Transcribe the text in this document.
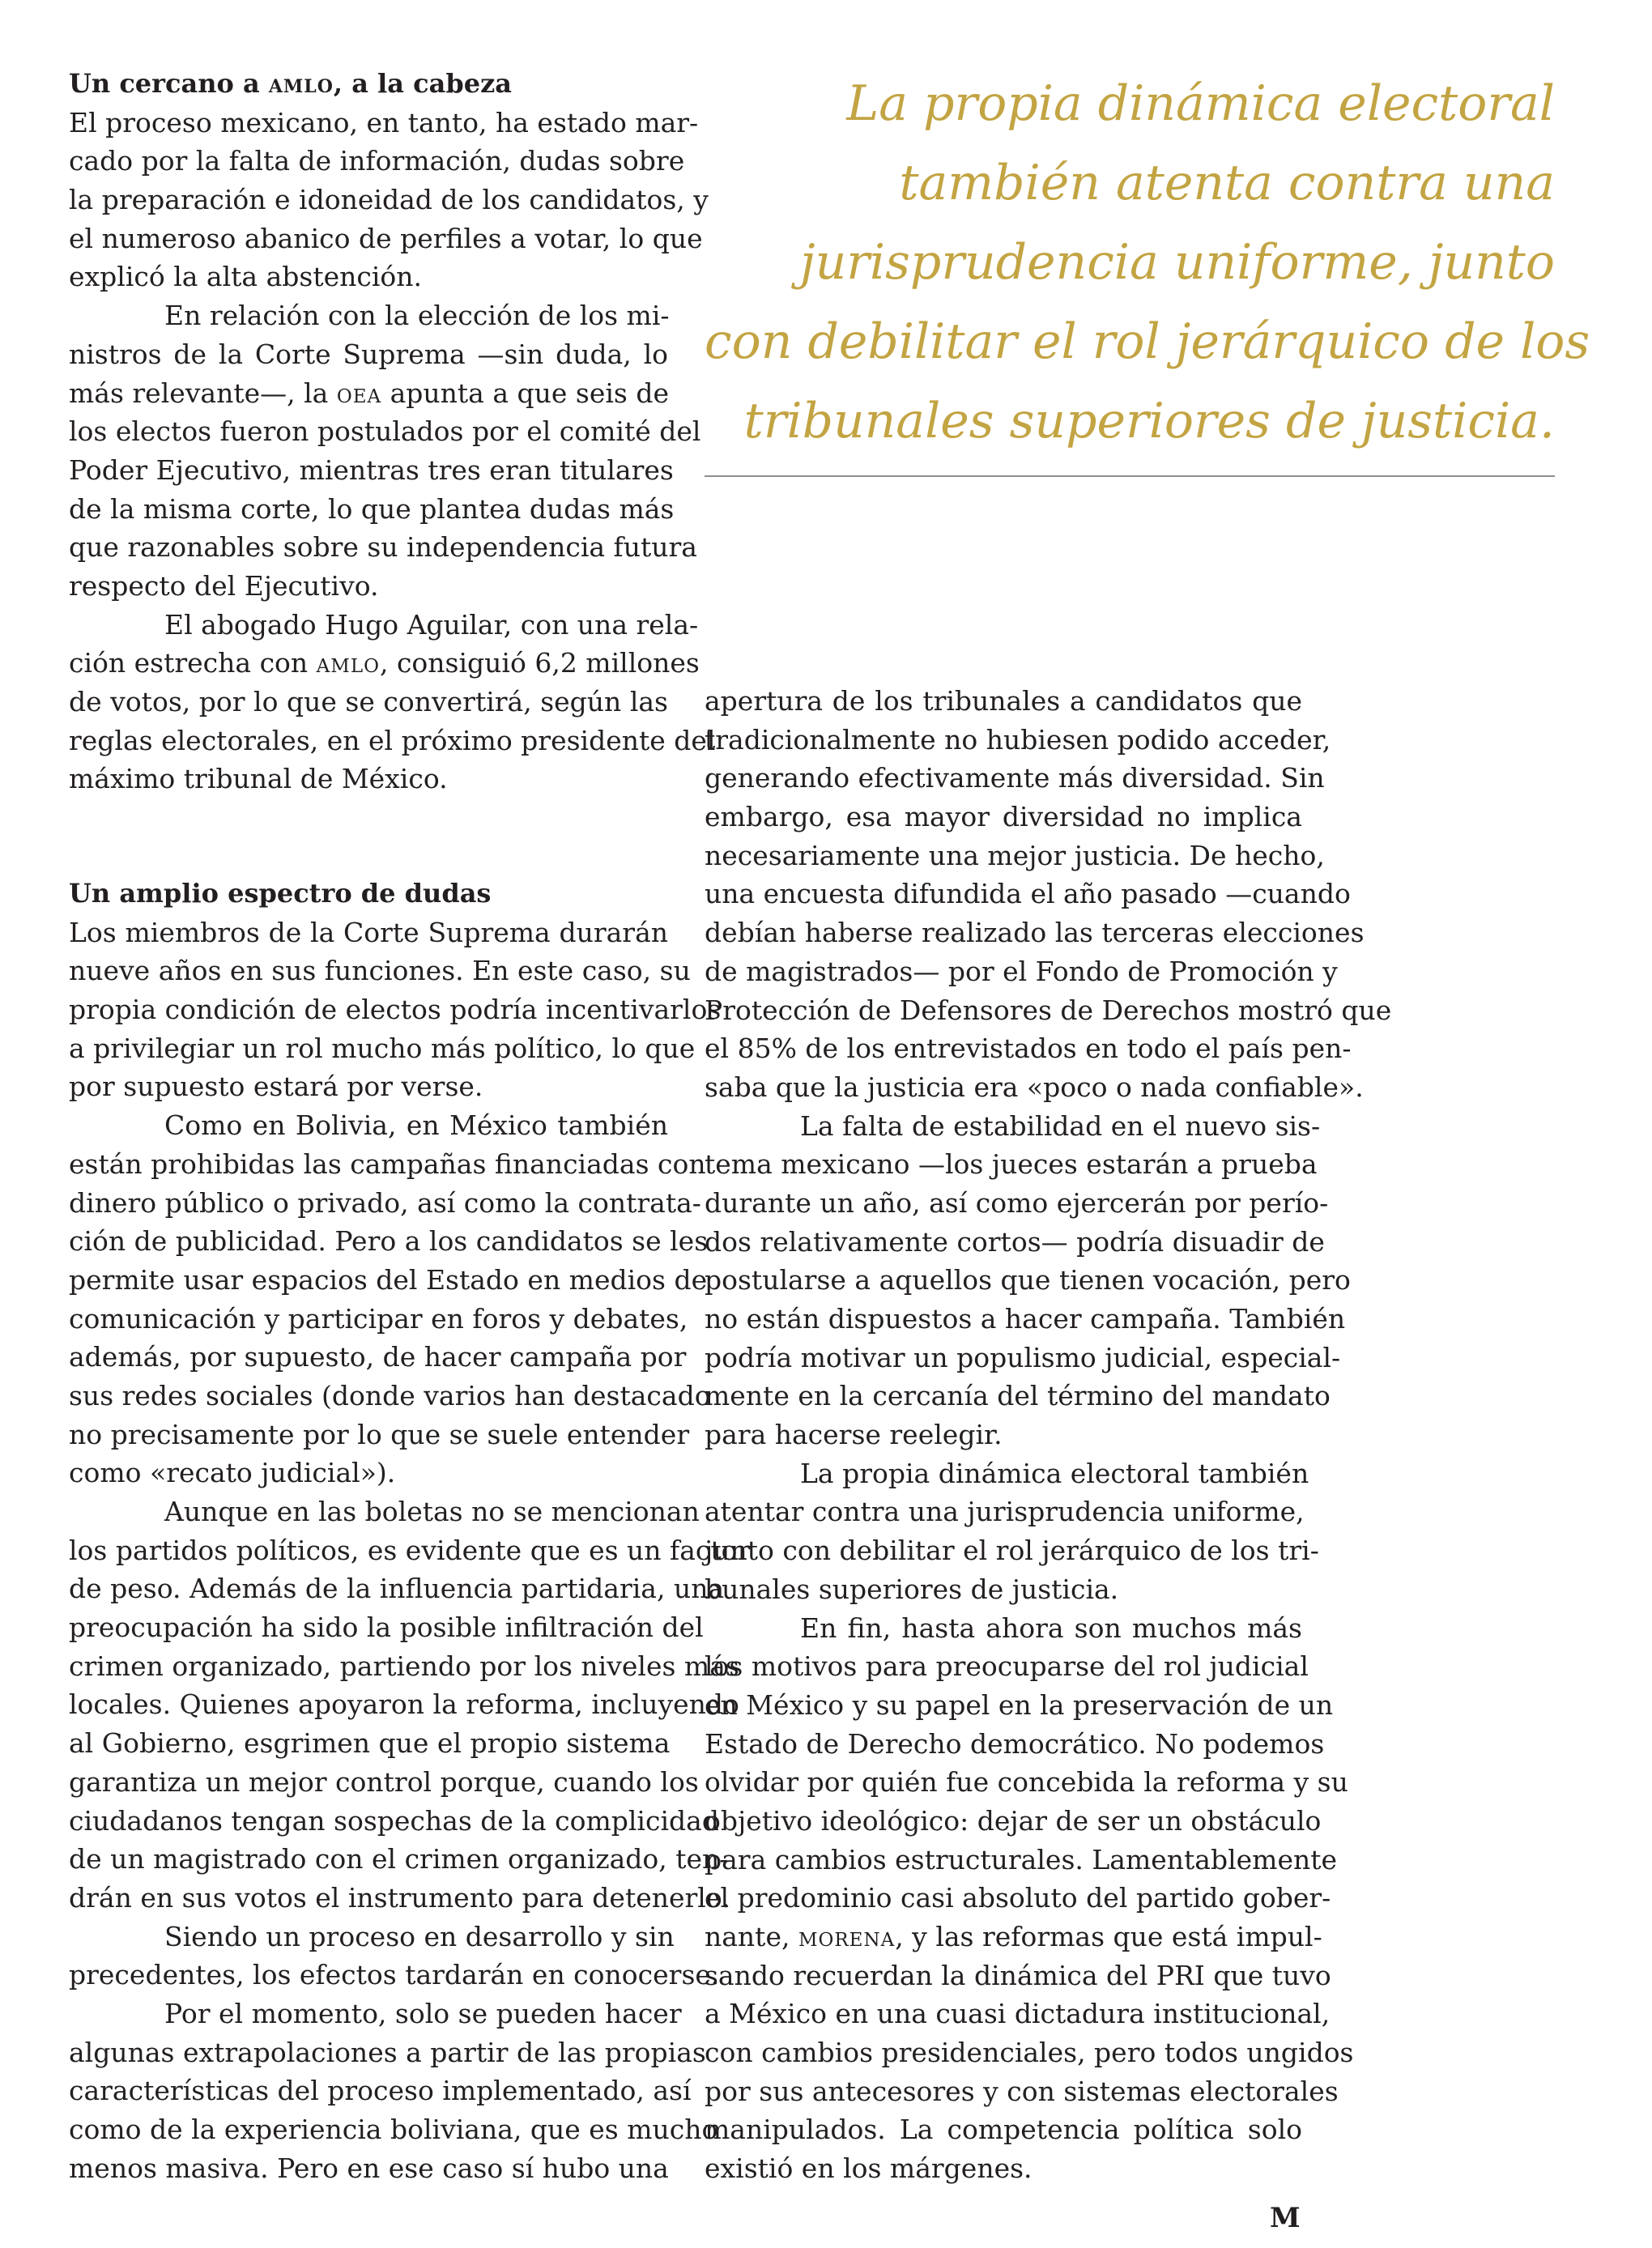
Un cercano a amlo, a la cabeza

El proceso mexicano, en tanto, ha estado mar-
cado por la falta de información, dudas sobre
la preparación e idoneidad de los candidatos, y
el numeroso abanico de perfiles a votar, lo que
explicó la alta abstención.

En relación con la elección de los mi-
nistros de la Corte Suprema —sin duda, lo
más relevante—, la oea apunta a que seis de
los electos fueron postulados por el comité del
Poder Ejecutivo, mientras tres eran titulares
de la misma corte, lo que plantea dudas más
que razonables sobre su independencia futura
respecto del Ejecutivo.

El abogado Hugo Aguilar, con una rela-
ción estrecha con amlo, consiguió 6,2 millones
de votos, por lo que se convertirá, según las
reglas electorales, en el próximo presidente del
máximo tribunal de México.

Un amplio espectro de dudas

Los miembros de la Corte Suprema durarán
nueve años en sus funciones. En este caso, su
propia condición de electos podría incentivarlos
a privilegiar un rol mucho más político, lo que
por supuesto estará por verse.

Como en Bolivia, en México también
están prohibidas las campañas financiadas con
dinero público o privado, así como la contrata-
ción de publicidad. Pero a los candidatos se les
permite usar espacios del Estado en medios de
comunicación y participar en foros y debates,
además, por supuesto, de hacer campaña por
sus redes sociales (donde varios han destacado
no precisamente por lo que se suele entender
como «recato judicial»).

Aunque en las boletas no se mencionan
los partidos políticos, es evidente que es un factor
de peso. Además de la influencia partidaria, una
preocupación ha sido la posible infiltración del
crimen organizado, partiendo por los niveles más
locales. Quienes apoyaron la reforma, incluyendo
al Gobierno, esgrimen que el propio sistema
garantiza un mejor control porque, cuando los
ciudadanos tengan sospechas de la complicidad
de un magistrado con el crimen organizado, ten-
drán en sus votos el instrumento para detenerlo.

Siendo un proceso en desarrollo y sin
precedentes, los efectos tardarán en conocerse.

Por el momento, solo se pueden hacer
algunas extrapolaciones a partir de las propias
características del proceso implementado, así
como de la experiencia boliviana, que es mucho
menos masiva. Pero en ese caso sí hubo una

La propia dinámica electoral
también atenta contra una
jurisprudencia uniforme, junto
con debilitar el rol jerárquico de los
tribunales superiores de justicia.

apertura de los tribunales a candidatos que
tradicionalmente no hubiesen podido acceder,
generando efectivamente más diversidad. Sin
embargo, esa mayor diversidad no implica
necesariamente una mejor justicia. De hecho,
una encuesta difundida el año pasado —cuando
debían haberse realizado las terceras elecciones
de magistrados— por el Fondo de Promoción y
Protección de Defensores de Derechos mostró que
el 85% de los entrevistados en todo el país pen-
saba que la justicia era «poco o nada confiable».

La falta de estabilidad en el nuevo sis-
tema mexicano —los jueces estarán a prueba
durante un año, así como ejercerán por perío-
dos relativamente cortos— podría disuadir de
postularse a aquellos que tienen vocación, pero
no están dispuestos a hacer campaña. También
podría motivar un populismo judicial, especial-
mente en la cercanía del término del mandato
para hacerse reelegir.

La propia dinámica electoral también
atentar contra una jurisprudencia uniforme,
junto con debilitar el rol jerárquico de los tri-
bunales superiores de justicia.

En fin, hasta ahora son muchos más
los motivos para preocuparse del rol judicial
en México y su papel en la preservación de un
Estado de Derecho democrático. No podemos
olvidar por quién fue concebida la reforma y su
objetivo ideológico: dejar de ser un obstáculo
para cambios estructurales. Lamentablemente
el predominio casi absoluto del partido gober-
nante, morena, y las reformas que está impul-
sando recuerdan la dinámica del PRI que tuvo
a México en una cuasi dictadura institucional,
con cambios presidenciales, pero todos ungidos
por sus antecesores y con sistemas electorales
manipulados. La competencia política solo
existió en los márgenes.

M
